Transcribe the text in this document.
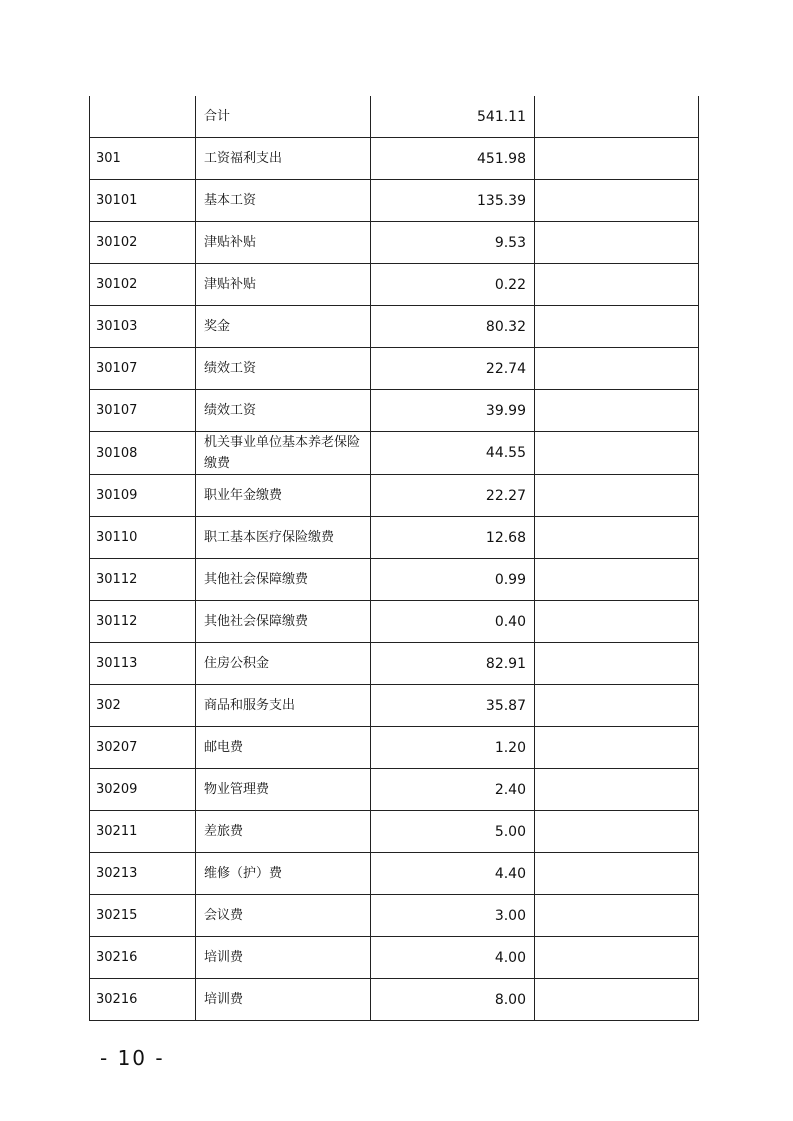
	合计	541.11	
301	工资福利支出	451.98	
30101	基本工资	135.39	
30102	津贴补贴	9.53	
30102	津贴补贴	0.22	
30103	奖金	80.32	
30107	绩效工资	22.74	
30107	绩效工资	39.99	
30108	机关事业单位基本养老保险缴费	44.55	
30109	职业年金缴费	22.27	
30110	职工基本医疗保险缴费	12.68	
30112	其他社会保障缴费	0.99	
30112	其他社会保障缴费	0.40	
30113	住房公积金	82.91	
302	商品和服务支出	35.87	
30207	邮电费	1.20	
30209	物业管理费	2.40	
30211	差旅费	5.00	
30213	维修（护）费	4.40	
30215	会议费	3.00	
30216	培训费	4.00	
30216	培训费	8.00	
- 10 -
